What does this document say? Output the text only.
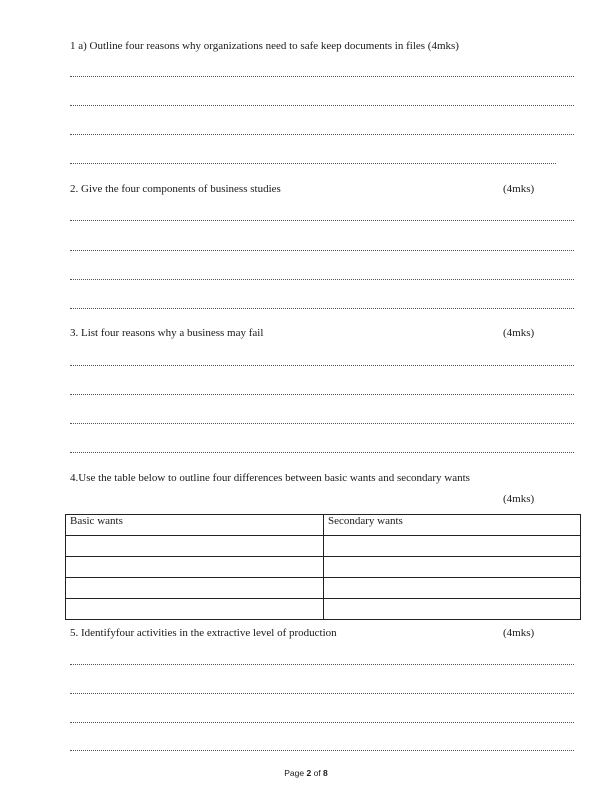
1 a) Outline four reasons why organizations need to safe keep documents in files (4mks)
2. Give the four components of business studies	(4mks)
3. List four reasons why a business may fail	(4mks)
4.Use the table below to outline four differences between basic wants and secondary wants
(4mks)
Basic wants	Secondary wants

5. Identifyfour activities in the extractive level of production	(4mks)
Page 2 of 8
